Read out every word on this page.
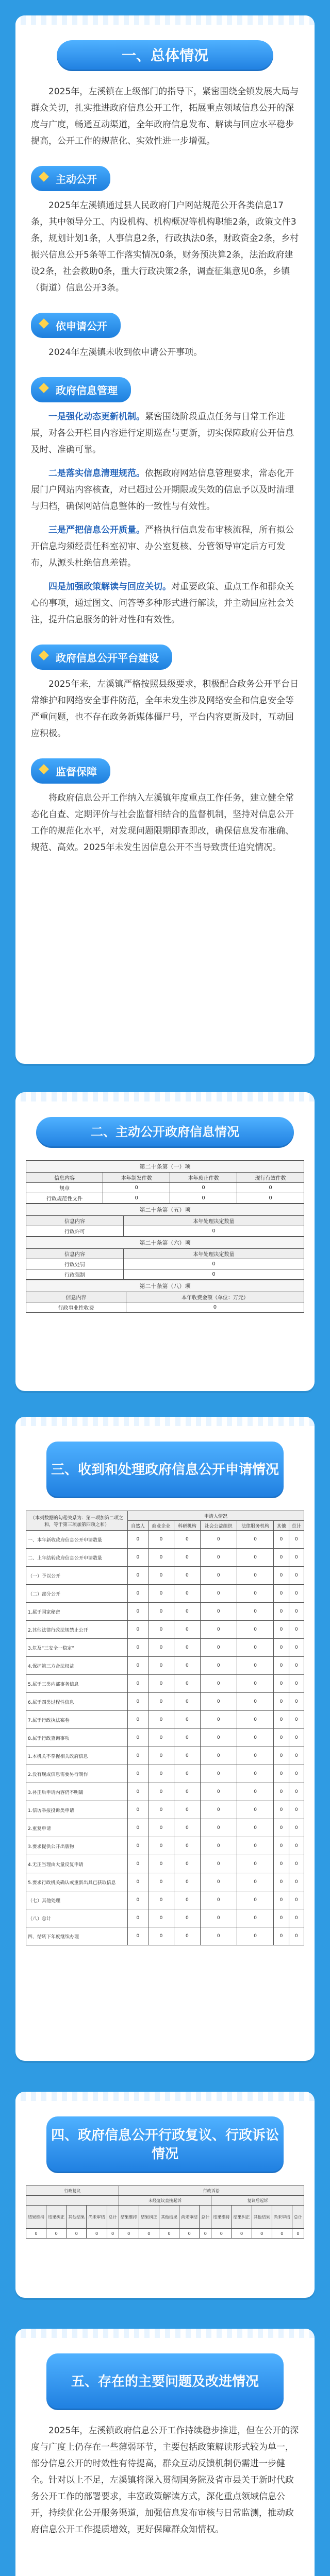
一、总体情况

2025年，左溪镇在上级部门的指导下，紧密围绕全镇发展大局与群众关切，扎实推进政府信息公开工作，拓展重点领域信息公开的深度与广度，畅通互动渠道，全年政府信息发布、解读与回应水平稳步提高，公开工作的规范化、实效性进一步增强。

主动公开

2025年左溪镇通过县人民政府门户网站规范公开各类信息17条，其中领导分工、内设机构、机构概况等机构职能2条，政策文件3条，规划计划1条，人事信息2条，行政执法0条，财政资金2条，乡村振兴信息公开5条等工作落实情况0条，财务预决算2条，法治政府建设2条，社会救助0条，重大行政决策2条，调查征集意见0条，乡镇（街道）信息公开3条。

依申请公开

2024年左溪镇未收到依申请公开事项。

政府信息管理

一是强化动态更新机制。紧密围绕阶段重点任务与日常工作进展，对各公开栏目内容进行定期巡查与更新，切实保障政府公开信息及时、准确可靠。

二是落实信息清理规范。依据政府网站信息管理要求，常态化开展门户网站内容核查，对已超过公开期限或失效的信息予以及时清理与归档，确保网站信息整体的一致性与有效性。

三是严把信息公开质量。严格执行信息发布审核流程，所有拟公开信息均须经责任科室初审、办公室复核、分管领导审定后方可发布，从源头杜绝信息差错。

四是加强政策解读与回应关切。对重要政策、重点工作和群众关心的事项，通过图文、问答等多种形式进行解读，并主动回应社会关注，提升信息服务的针对性和有效性。

政府信息公开平台建设

2025年来，左溪镇严格按照县级要求，积极配合政务公开平台日常维护和网络安全事件防范，全年未发生涉及网络安全和信息安全等严重问题，也不存在政务新媒体僵尸号，平台内容更新及时，互动回应积极。

监督保障

将政府信息公开工作纳入左溪镇年度重点工作任务，建立健全常态化自查、定期评价与社会监督相结合的监督机制，坚持对信息公开工作的规范化水平，对发现问题限期即查即改，确保信息发布准确、规范、高效。2025年未发生因信息公开不当导致责任追究情况。

二、主动公开政府信息情况
第二十条第（一）项
信息内容	本年制发件数	本年废止件数	现行有效件数
规章	0	0	0
行政规范性文件	0	0	0
第二十条第（五）项
信息内容	本年处理决定数量
行政许可	0
第二十条第（六）项
信息内容	本年处理决定数量
行政处罚	0
行政强制	0
第二十条第（八）项
信息内容	本年收费金额（单位：万元）
行政事业性收费	0
三、收到和处理政府信息公开申请情况
（本列数据的勾稽关系为：第一项加第二项之和，等于第三项加第四项之和）	申请人情况						
	自然人	商业企业	科研机构	社会公益组织	法律服务机构	其他	总计
一、本年新收政府信息公开申请数量	0	0	0	0	0	0	0
二、上年结转政府信息公开申请数量	0	0	0	0	0	0	0
（一）予以公开	0	0	0	0	0	0	0
（二）部分公开	0	0	0	0	0	0	0
1.属于国家秘密	0	0	0	0	0	0	0
2.其他法律行政法规禁止公开	0	0	0	0	0	0	0
3.危及“三安全一稳定”	0	0	0	0	0	0	0
4.保护第三方合法权益	0	0	0	0	0	0	0
5.属于三类内部事务信息	0	0	0	0	0	0	0
6.属于四类过程性信息	0	0	0	0	0	0	0
7.属于行政执法案卷	0	0	0	0	0	0	0
8.属于行政查询事项	0	0	0	0	0	0	0
1.本机关不掌握相关政府信息	0	0	0	0	0	0	0
2.没有现成信息需要另行制作	0	0	0	0	0	0	0
3.补正后申请内容仍不明确	0	0	0	0	0	0	0
1.信访举报投诉类申请	0	0	0	0	0	0	0
2.重复申请	0	0	0	0	0	0	0
3.要求提供公开出版物	0	0	0	0	0	0	0
4.无正当理由大量反复申请	0	0	0	0	0	0	0
5.要求行政机关确认或重新出具已获取信息	0	0	0	0	0	0	0
（七）其他处理	0	0	0	0	0	0	0
（八）总计	0	0	0	0	0	0	0
四、结转下年度继续办理	0	0	0	0	0	0	0
四、政府信息公开行政复议、行政诉讼情况
行政复议					行政诉讼									
					未经复议直接起诉					复议后起诉				
结果维持	结果纠正	其他结果	尚未审结	总计	结果维持	结果纠正	其他结果	尚未审结	总计	结果维持	结果纠正	其他结果	尚未审结	总计
0	0	0	0	0	0	0	0	0	0	0	0	0	0	0
五、存在的主要问题及改进情况

2025年，左溪镇政府信息公开工作持续稳步推进，但在公开的深度与广度上仍存在一些薄弱环节，主要包括政策解读形式较为单一，部分信息公开的时效性有待提高，群众互动反馈机制仍需进一步健全。针对以上不足，左溪镇将深入贯彻国务院及省市县关于新时代政务公开工作的部署要求，丰富政策解读方式，深化重点领域信息公开，持续优化公开服务渠道，加强信息发布审核与日常监测，推动政府信息公开工作提质增效，更好保障群众知情权。
